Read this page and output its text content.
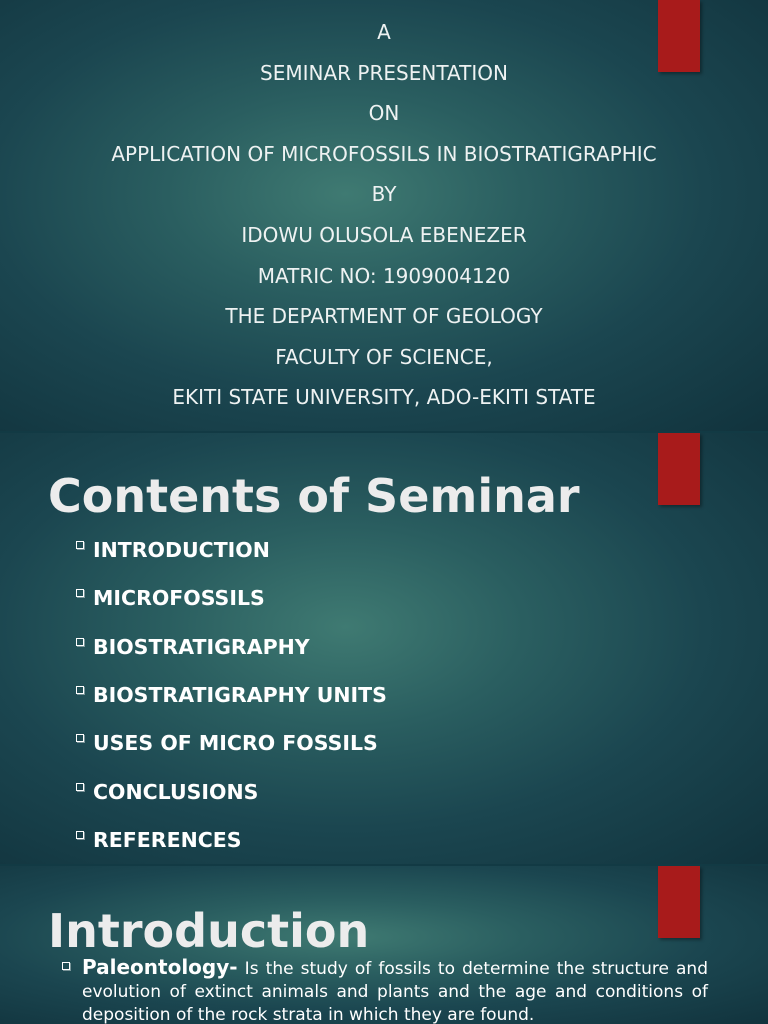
A
SEMINAR PRESENTATION
ON
APPLICATION OF MICROFOSSILS IN BIOSTRATIGRAPHIC
BY
IDOWU OLUSOLA EBENEZER
MATRIC NO: 1909004120
THE DEPARTMENT OF GEOLOGY
FACULTY OF SCIENCE,
EKITI STATE UNIVERSITY, ADO-EKITI STATE
Contents of Seminar
INTRODUCTION
MICROFOSSILS
BIOSTRATIGRAPHY
BIOSTRATIGRAPHY UNITS
USES OF MICRO FOSSILS
CONCLUSIONS
REFERENCES
Introduction
Paleontology- Is the study of fossils to determine the structure and evolution of extinct animals and plants and the age and conditions of deposition of the rock strata in which they are found.
